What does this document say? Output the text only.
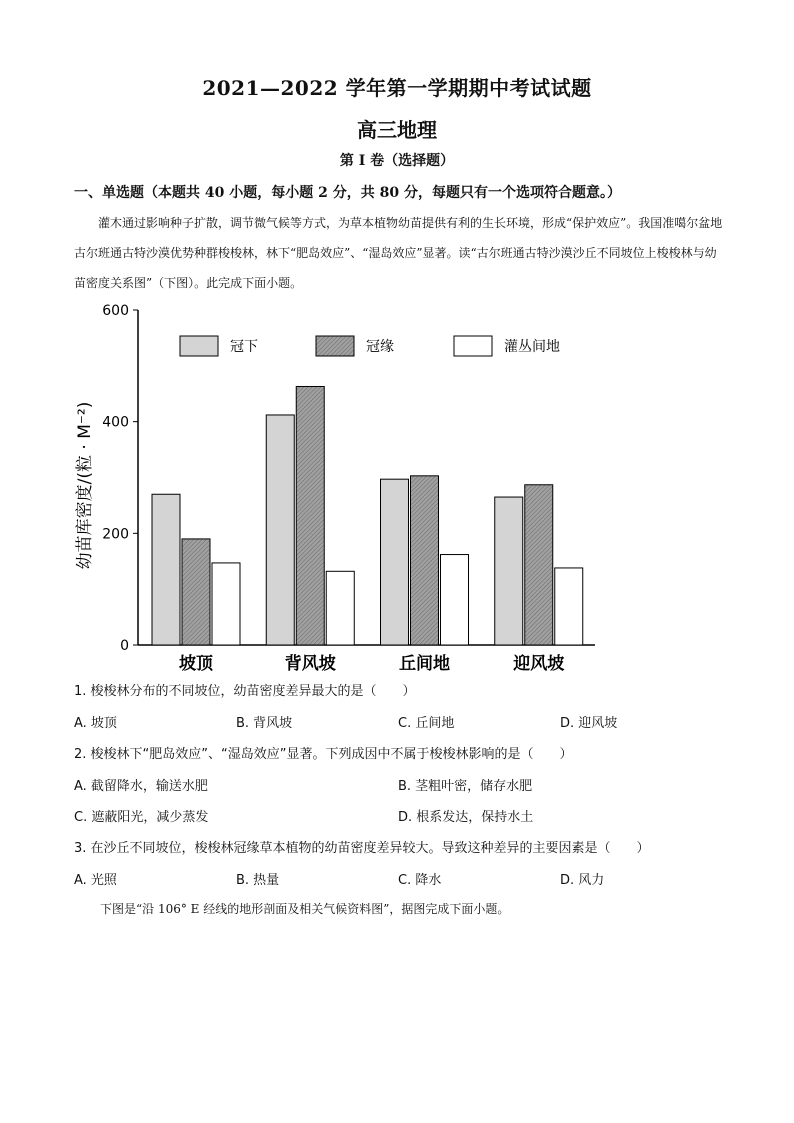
2021—2022 学年第一学期期中考试试题
高三地理
第 I 卷（选择题）
一、单选题（本题共 40 小题，每小题 2 分，共 80 分，每题只有一个选项符合题意。）

灌木通过影响种子扩散，调节微气候等方式，为草本植物幼苗提供有利的生长环境，形成“保护效应”。我国准噶尔盆地古尔班通古特沙漠优势种群梭梭林，林下“肥岛效应”、“湿岛效应”显著。读“古尔班通古特沙漠沙丘不同坡位上梭梭林与幼苗密度关系图”（下图）。此完成下面小题。

0
200
400
600
幼苗库密度/(粒 · M⁻²)
坡顶	背风坡	丘间地	迎风坡
冠下	冠缘	灌丛间地
1. 梭梭林分布的不同坡位，幼苗密度差异最大的是（　　）
A. 坡顶	B. 背风坡	C. 丘间地	D. 迎风坡
2. 梭梭林下“肥岛效应”、“湿岛效应”显著。下列成因中不属于梭梭林影响的是（　　）
A. 截留降水，输送水肥	B. 茎粗叶密，储存水肥
C. 遮蔽阳光，减少蒸发	D. 根系发达，保持水土
3. 在沙丘不同坡位，梭梭林冠缘草本植物的幼苗密度差异较大。导致这种差异的主要因素是（　　）
A. 光照	B. 热量	C. 降水	D. 风力
下图是“沿 106° E 经线的地形剖面及相关气候资料图”，据图完成下面小题。
